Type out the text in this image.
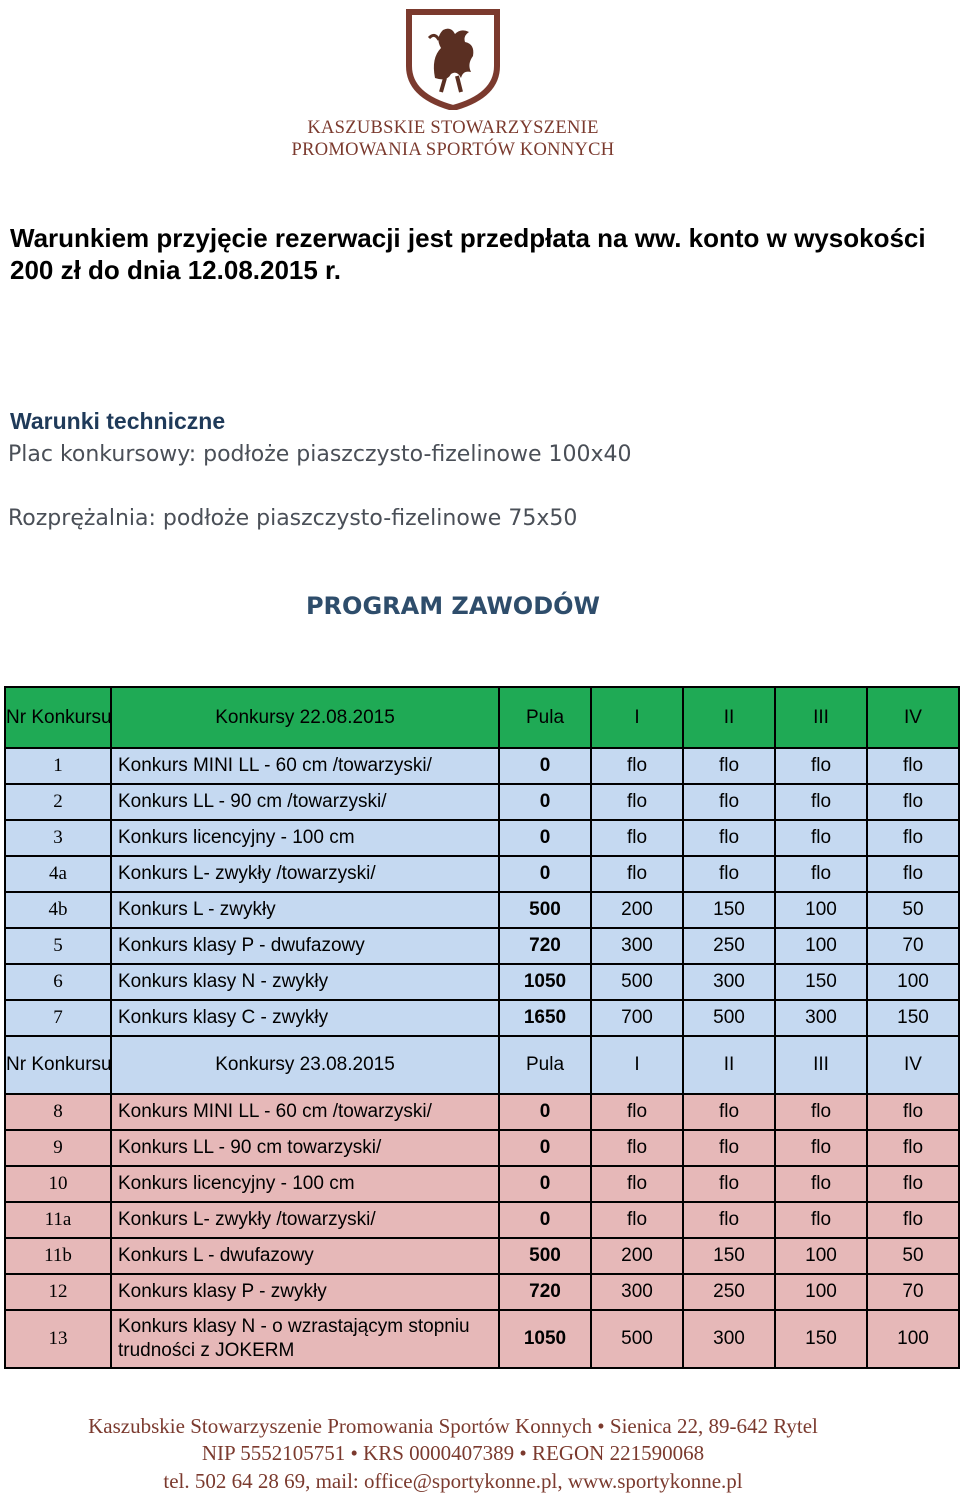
KASZUBSKIE STOWARZYSZENIE
PROMOWANIA SPORTÓW KONNYCH
Warunkiem przyjęcie rezerwacji jest przedpłata na ww. konto w wysokości 200 zł do dnia 12.08.2015 r.
Warunki techniczne
Plac konkursowy: podłoże piaszczysto-fizelinowe 100x40
Rozprężalnia: podłoże piaszczysto-fizelinowe 75x50
PROGRAM ZAWODÓW
Nr Konkursu	Konkursy 22.08.2015	Pula	I	II	III	IV
1	Konkurs MINI LL - 60 cm /towarzyski/	0	flo	flo	flo	flo
2	Konkurs LL - 90 cm /towarzyski/	0	flo	flo	flo	flo
3	Konkurs licencyjny - 100 cm	0	flo	flo	flo	flo
4a	Konkurs L- zwykły /towarzyski/	0	flo	flo	flo	flo
4b	Konkurs L - zwykły	500	200	150	100	50
5	Konkurs klasy P - dwufazowy	720	300	250	100	70
6	Konkurs klasy N - zwykły	1050	500	300	150	100
7	Konkurs klasy C - zwykły	1650	700	500	300	150
Nr Konkursu	Konkursy 23.08.2015	Pula	I	II	III	IV
8	Konkurs MINI LL - 60 cm /towarzyski/	0	flo	flo	flo	flo
9	Konkurs LL - 90 cm towarzyski/	0	flo	flo	flo	flo
10	Konkurs licencyjny - 100 cm	0	flo	flo	flo	flo
11a	Konkurs L- zwykły /towarzyski/	0	flo	flo	flo	flo
11b	Konkurs L - dwufazowy	500	200	150	100	50
12	Konkurs klasy P - zwykły	720	300	250	100	70
13	Konkurs klasy N - o wzrastającym stopniu trudności z JOKERM	1050	500	300	150	100
Kaszubskie Stowarzyszenie Promowania Sportów Konnych • Sienica 22, 89-642 Rytel
NIP 5552105751 • KRS 0000407389 • REGON 221590068
tel. 502 64 28 69, mail: office@sportykonne.pl, www.sportykonne.pl
